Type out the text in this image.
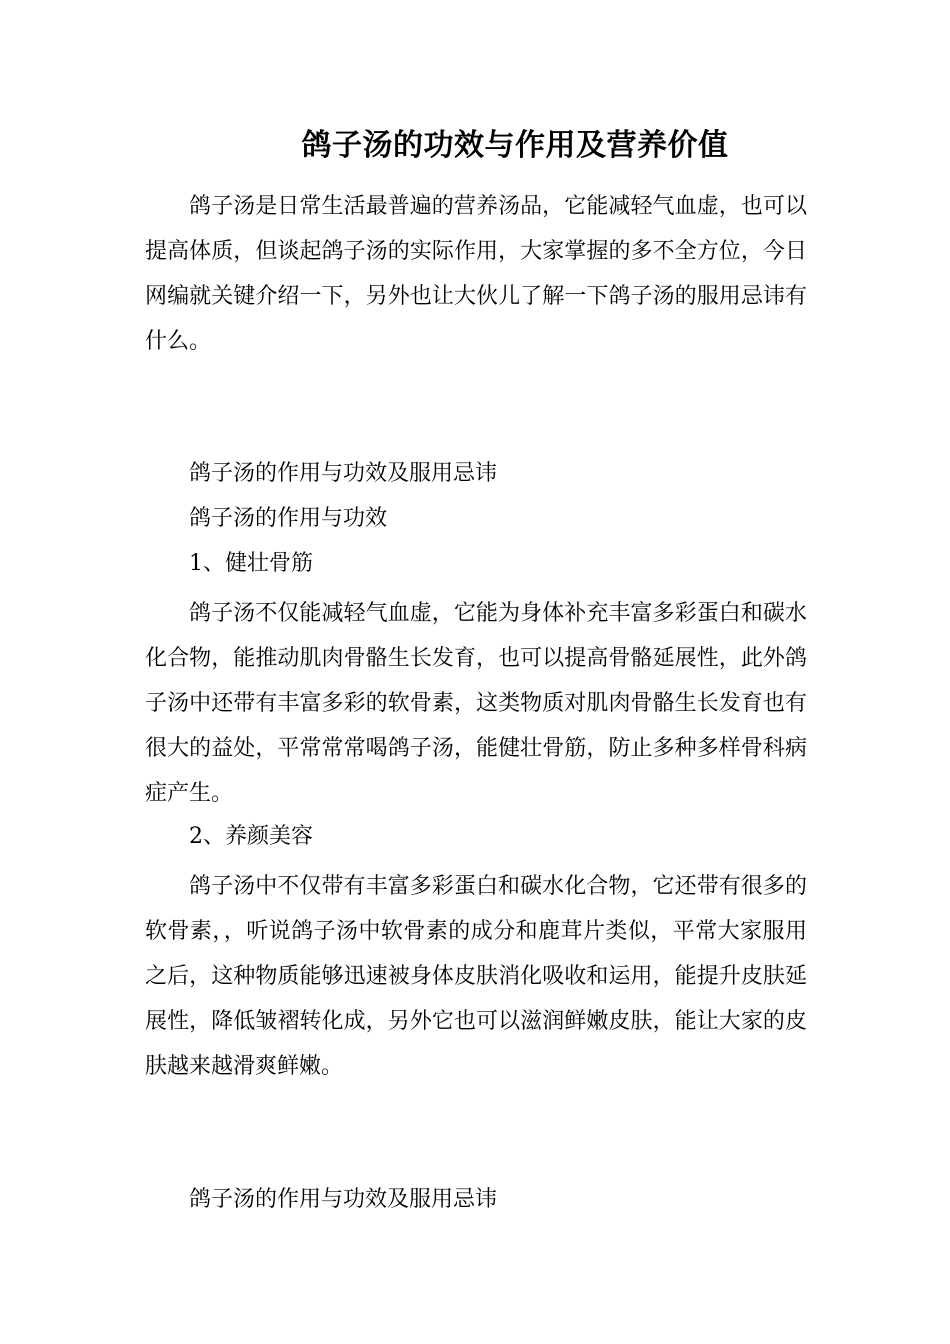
鸽子汤的功效与作用及营养价值

鸽子汤是日常生活最普遍的营养汤品，它能减轻气血虚，也可以提高体质，但谈起鸽子汤的实际作用，大家掌握的多不全方位，今日网编就关键介绍一下，另外也让大伙儿了解一下鸽子汤的服用忌讳有什么。

鸽子汤的作用与功效及服用忌讳

鸽子汤的作用与功效

1、健壮骨筋

鸽子汤不仅能减轻气血虚，它能为身体补充丰富多彩蛋白和碳水化合物，能推动肌肉骨骼生长发育，也可以提高骨骼延展性，此外鸽子汤中还带有丰富多彩的软骨素，这类物质对肌肉骨骼生长发育也有很大的益处，平常常常喝鸽子汤，能健壮骨筋，防止多种多样骨科病症产生。

2、养颜美容

鸽子汤中不仅带有丰富多彩蛋白和碳水化合物，它还带有很多的软骨素，，听说鸽子汤中软骨素的成分和鹿茸片类似，平常大家服用之后，这种物质能够迅速被身体皮肤消化吸收和运用，能提升皮肤延展性，降低皱褶转化成，另外它也可以滋润鲜嫩皮肤，能让大家的皮肤越来越滑爽鲜嫩。

鸽子汤的作用与功效及服用忌讳
